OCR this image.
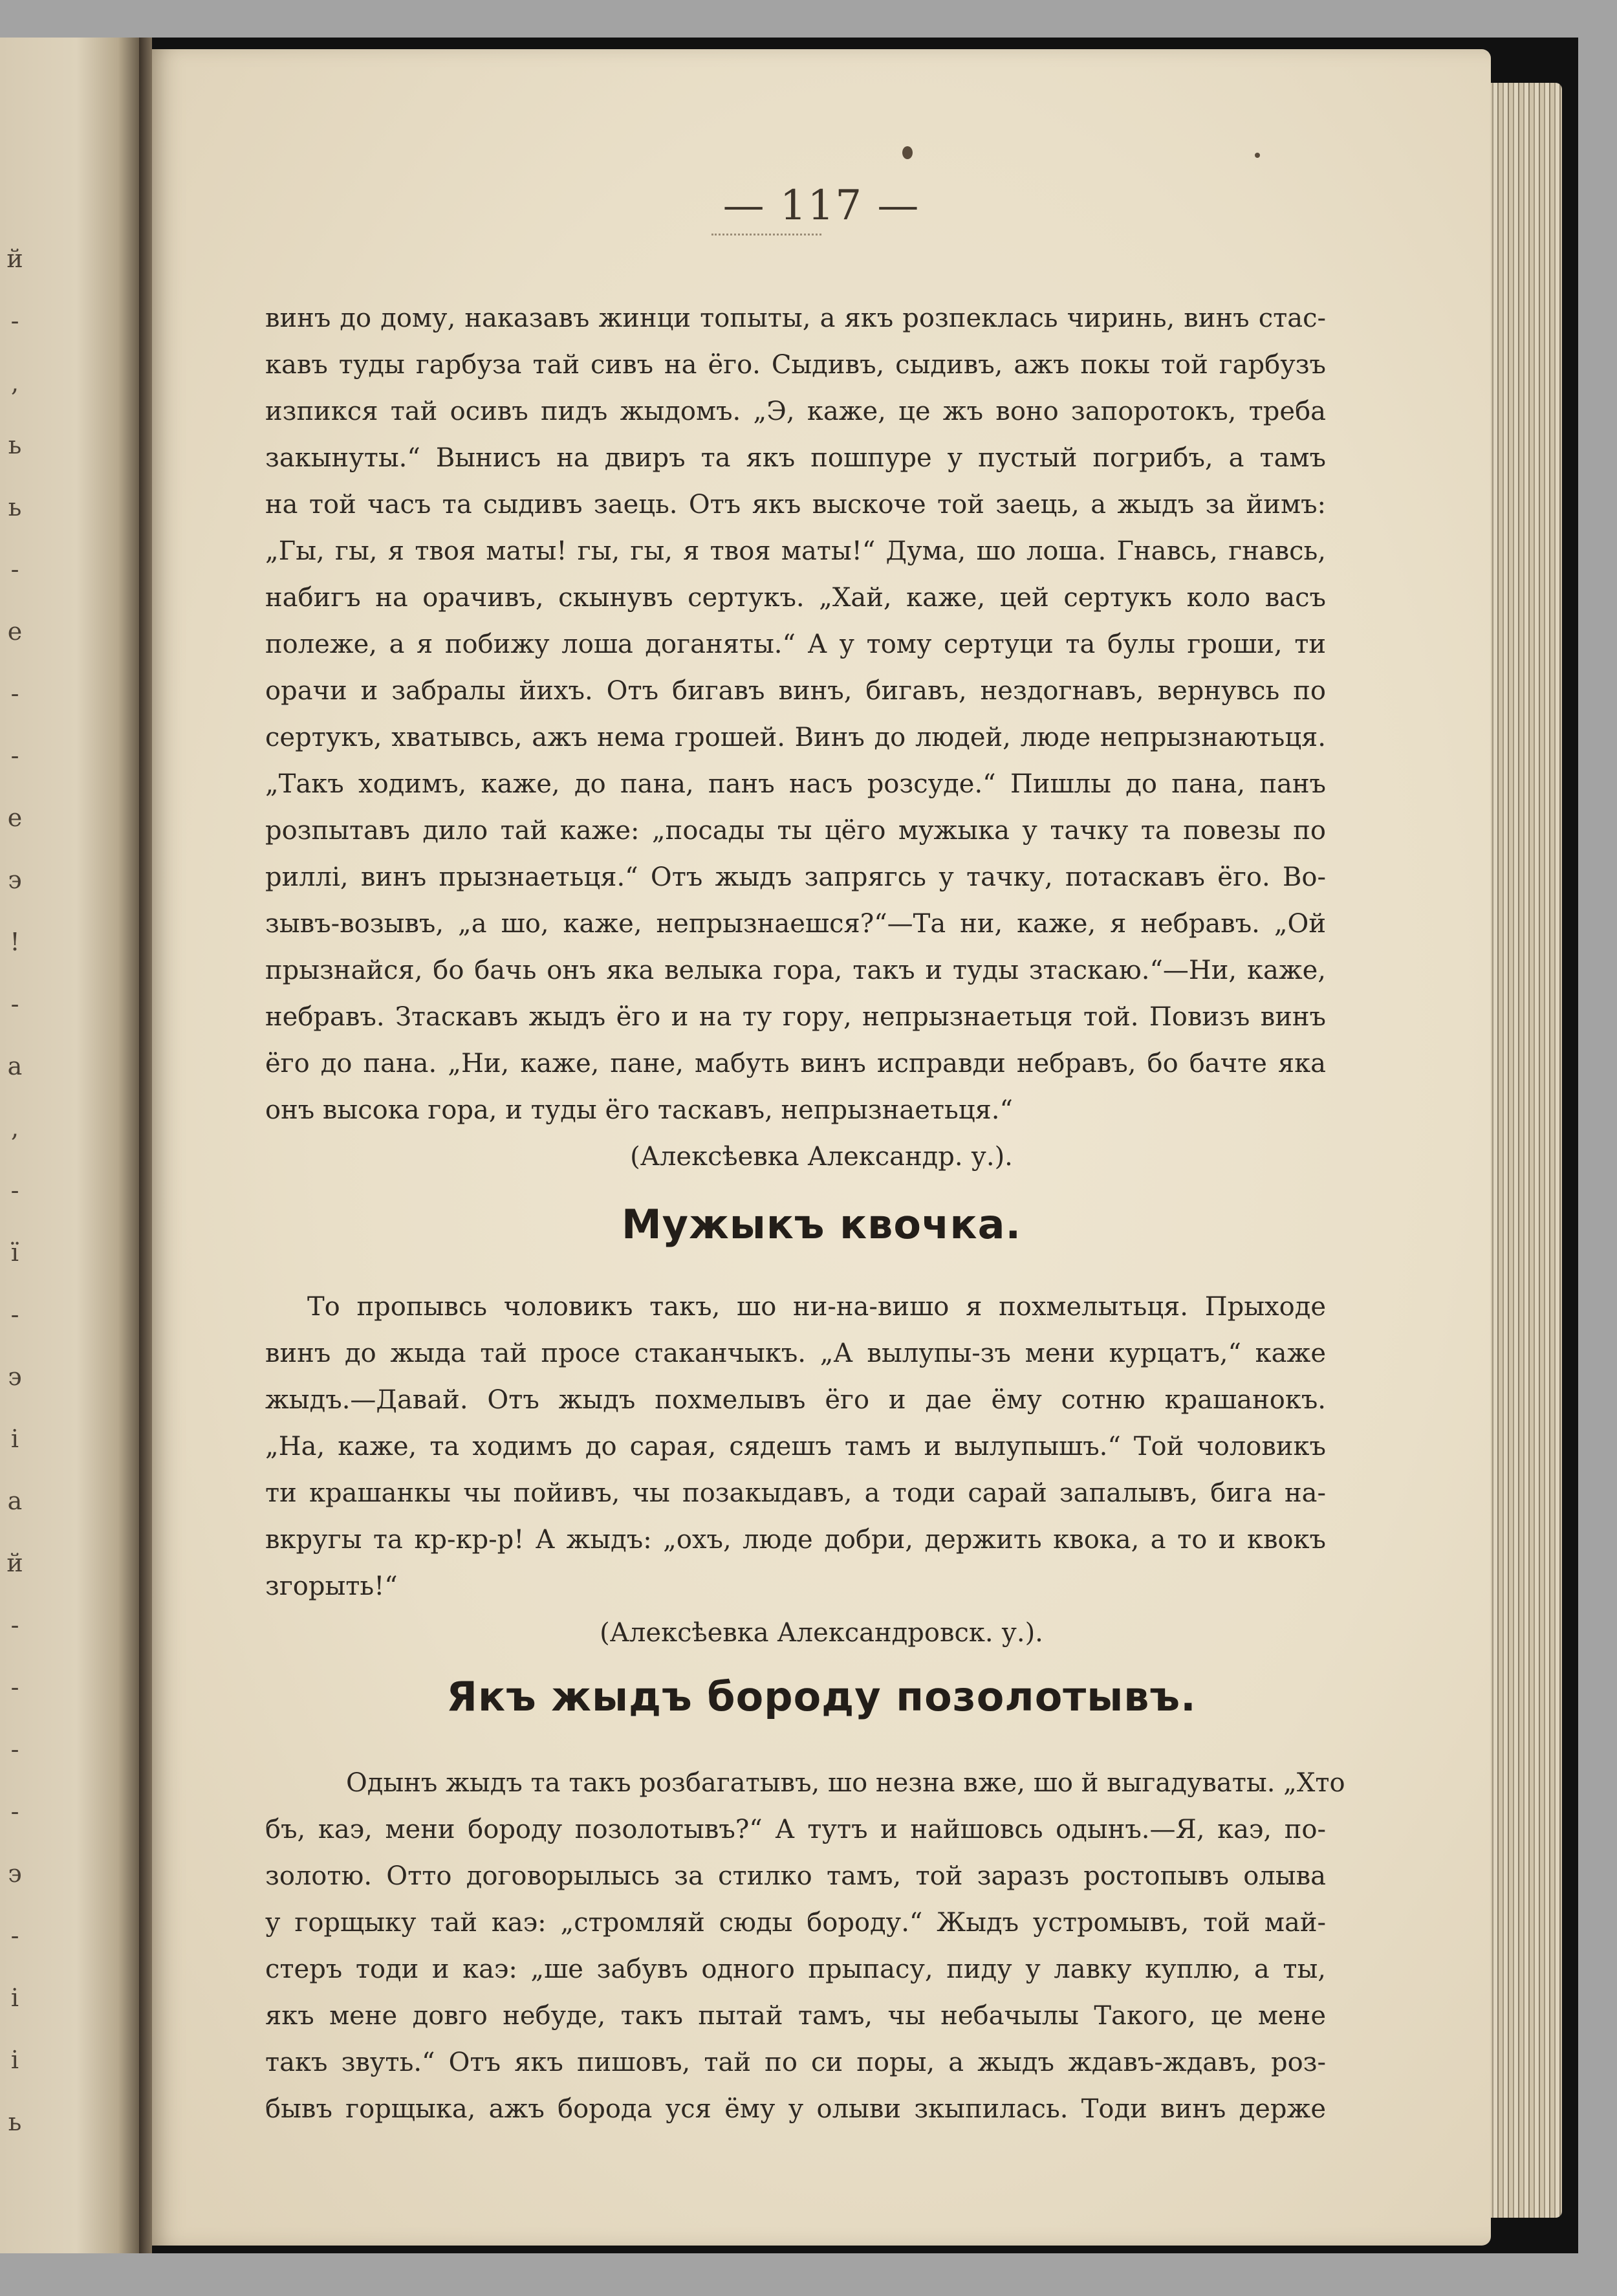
й
-
,
ь
ь
-
е
-
-
е
э
!
-
а
,
-
ї
-
э
і
а
й
-
-
-
-
э
-
і
і
ь
— 117 —
винъ до дому, наказавъ жинци топыты, а якъ розпеклась чиринь, винъ стас-
кавъ туды гарбуза тай сивъ на ёго. Сыдивъ, сыдивъ, ажъ покы той гарбузъ
изпикся тай осивъ пидъ жыдомъ. „Э, каже, це жъ воно запоротокъ, треба
закынуты.“ Вынисъ на двиръ та якъ пошпуре у пустый погрибъ, а тамъ
на той часъ та сыдивъ заець. Отъ якъ выскоче той заець, а жыдъ за йимъ:
„Гы, гы, я твоя маты! гы, гы, я твоя маты!“ Дума, шо лоша. Гнавсь, гнавсь,
набигъ на орачивъ, скынувъ сертукъ. „Хай, каже, цей сертукъ коло васъ
полеже, а я побижу лоша доганяты.“ А у тому сертуци та булы гроши, ти
орачи и забралы йихъ. Отъ бигавъ винъ, бигавъ, нездогнавъ, вернувсь по
сертукъ, хватывсь, ажъ нема грошей. Винъ до людей, люде непрызнаютьця.
„Такъ ходимъ, каже, до пана, панъ насъ розсуде.“ Пишлы до пана, панъ
розпытавъ дило тай каже: „посады ты цёго мужыка у тачку та повезы по
риллi, винъ прызнаетьця.“ Отъ жыдъ запрягсь у тачку, потаскавъ ёго. Во-
зывъ-возывъ, „а шо, каже, непрызнаешся?“—Та ни, каже, я небравъ. „Ой
прызнайся, бо бачь онъ яка велыка гора, такъ и туды зтаскаю.“—Ни, каже,
небравъ. Зтаскавъ жыдъ ёго и на ту гору, непрызнаетьця той. Повизъ винъ
ёго до пана. „Ни, каже, пане, мабуть винъ исправди небравъ, бо бачте яка
онъ высока гора, и туды ёго таскавъ, непрызнаетьця.“
(Алексѣевка Александр. у.).
Мужыкъ квочка.
То пропывсь чоловикъ такъ, шо ни-на-вишо я похмелытьця. Прыходе
винъ до жыда тай просе стаканчыкъ. „А вылупы-зъ мени курцатъ,“ каже
жыдъ.—Давай. Отъ жыдъ похмелывъ ёго и дае ёму сотню крашанокъ.
„На, каже, та ходимъ до сарая, сядешъ тамъ и вылупышъ.“ Той чоловикъ
ти крашанкы чы пойивъ, чы позакыдавъ, а тоди сарай запалывъ, бига на-
вкругы та кр-кр-р! А жыдъ: „охъ, люде добри, держить квока, а то и квокъ
згорыть!“
(Алексѣевка Александровск. у.).
Якъ жыдъ бороду позолотывъ.
Одынъ жыдъ та такъ розбагатывъ, шо незна вже, шо й выгадуваты. „Хто
бъ, каэ, мени бороду позолотывъ?“ А тутъ и найшовсь одынъ.—Я, каэ, по-
золотю. Отто договорылысь за стилко тамъ, той заразъ ростопывъ олыва
у горщыку тай каэ: „стромляй сюды бороду.“ Жыдъ устромывъ, той май-
стеръ тоди и каэ: „ше забувъ одного прыпасу, пиду у лавку куплю, а ты,
якъ мене довго небуде, такъ пытай тамъ, чы небачылы Такого, це мене
такъ звуть.“ Отъ якъ пишовъ, тай по си поры, а жыдъ ждавъ-ждавъ, роз-
бывъ горщыка, ажъ борода уся ёму у олыви зкыпилась. Тоди винъ держе
